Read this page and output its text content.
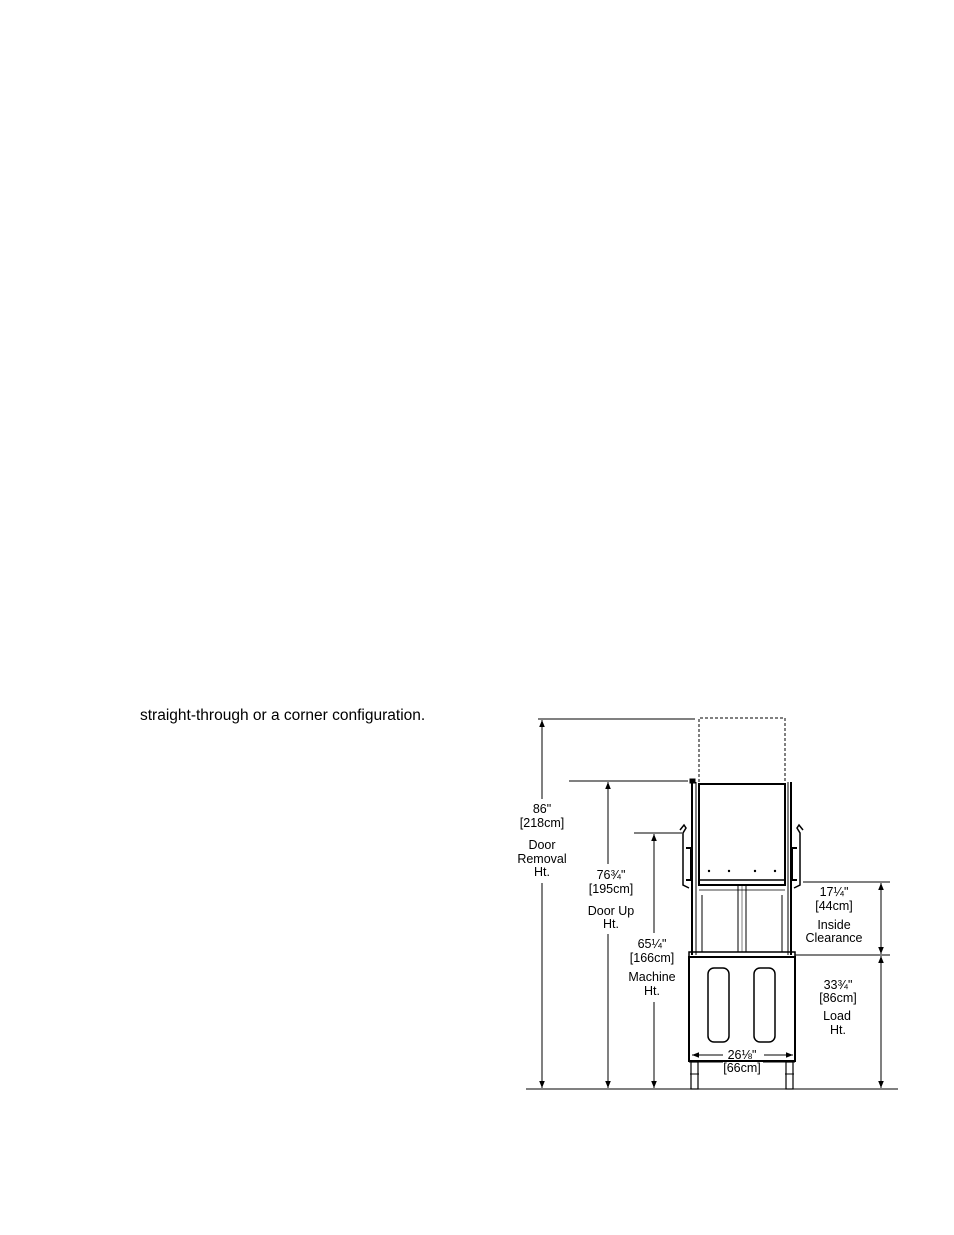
straight-through or a corner configuration.
86"
[218cm]
Door
Removal
Ht.	76¾"
[195cm]
Door Up
Ht.
65¼"
[166cm]
Machine
Ht.
17¼"
[44cm]
Inside
Clearance
33¾"
[86cm]
Load
Ht.
26⅛"
[66cm]
